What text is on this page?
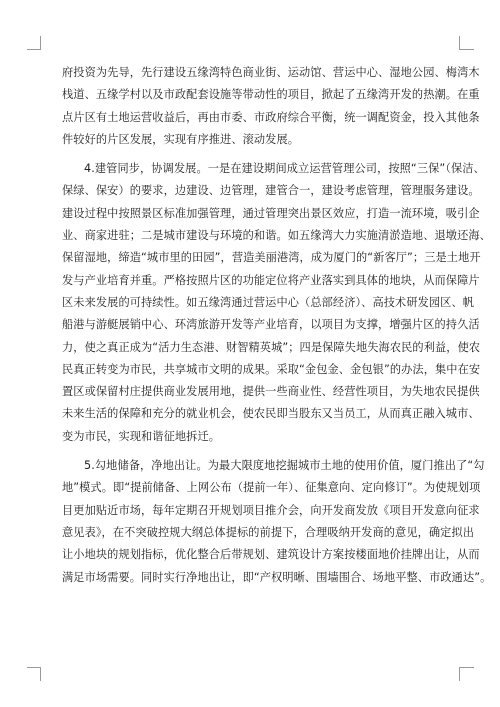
府投资为先导，先行建设五缘湾特色商业街、运动馆、营运中心、湿地公园、梅湾木
栈道、五缘学村以及市政配套设施等带动性的项目，掀起了五缘湾开发的热潮。在重
点片区有土地运营收益后，再由市委、市政府综合平衡，统一调配资金，投入其他条
件较好的片区发展，实现有序推进、滚动发展。
4.建管同步，协调发展。一是在建设期间成立运营管理公司，按照“三保”（保洁、
保绿、保安）的要求，边建设、边管理，建管合一，建设考虑管理，管理服务建设。
建设过程中按照景区标准加强管理，通过管理突出景区效应，打造一流环境，吸引企
业、商家进驻；二是城市建设与环境的和谐。如五缘湾大力实施清淤造地、退墩还海、
保留湿地，缔造“城市里的田园”，营造美丽港湾，成为厦门的“新客厅”；三是土地开
发与产业培育并重。严格按照片区的功能定位将产业落实到具体的地块，从而保障片
区未来发展的可持续性。如五缘湾通过营运中心（总部经济）、高技术研发园区、帆
船港与游艇展销中心、环湾旅游开发等产业培育，以项目为支撑，增强片区的持久活
力，使之真正成为“活力生态港、财智精英城”；四是保障失地失海农民的利益，使农
民真正转变为市民，共享城市文明的成果。采取“金包金、金包银”的办法，集中在安
置区或保留村庄提供商业发展用地，提供一些商业性、经营性项目，为失地农民提供
未来生活的保障和充分的就业机会，使农民即当股东又当员工，从而真正融入城市、
变为市民，实现和谐征地拆迁。
5.勾地储备，净地出让。为最大限度地挖掘城市土地的使用价值，厦门推出了“勾
地”模式。即“提前储备、上网公布（提前一年）、征集意向、定向修订”。为使规划项
目更加贴近市场，每年定期召开规划项目推介会，向开发商发放《项目开发意向征求
意见表》，在不突破控规大纲总体提标的前提下，合理吸纳开发商的意见，确定拟出
让小地块的规划指标，优化整合后带规划、建筑设计方案按楼面地价挂牌出让，从而
满足市场需要。同时实行净地出让，即“产权明晰、围墙围合、场地平整、市政通达”。
